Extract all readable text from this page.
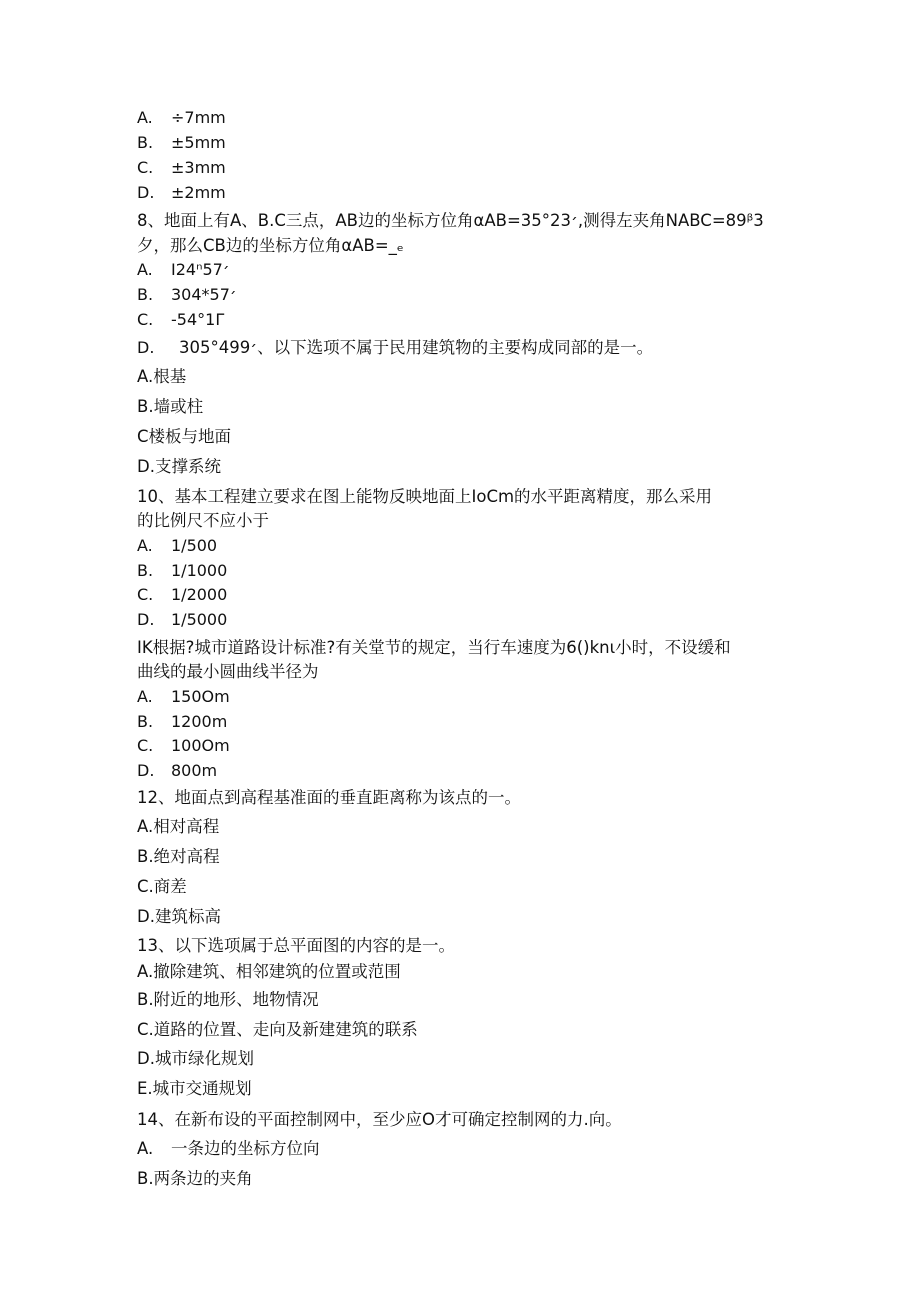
A.	÷7mm
B.	±5mm
C.	±3mm
D.	±2mm
8、地面上有A、B.C三点，AB边的坐标方位角αAB=35°23׳,测得左夹角NABC=89ᵝ3
夕，那么CB边的坐标方位角αAB=_ₑ
A.	I24ⁿ57׳
B.	304*57׳
C.	-54°1Γ
D.	305°49׳9、以下选项不属于民用建筑物的主要构成同部的是一。
A.根基
B.墙或柱
C楼板与地面
D.支撑系统
10、基本工程建立要求在图上能物反映地面上IoCm的水平距离精度，那么采用
的比例尺不应小于
A.	1/500
B.	1/1000
C.	1/2000
D.	1/5000
IK根据?城市道路设计标准?有关堂节的规定，当行车速度为6()knι小时，不设缓和
曲线的最小圆曲线半径为
A.	150Om
B.	1200m
C.	100Om
D.	800m
12、地面点到高程基准面的垂直距离称为该点的一。
A.相对高程
B.绝对高程
C.商差
D.建筑标高
13、以下选项属于总平面图的内容的是一。
A.撤除建筑、相邻建筑的位置或范围
B.附近的地形、地物情况
C.道路的位置、走向及新建建筑的联系
D.城市绿化规划
E.城市交通规划
14、在新布设的平面控制网中，至少应O才可确定控制网的力.向。
A.	一条边的坐标方位向
B.两条边的夹角
